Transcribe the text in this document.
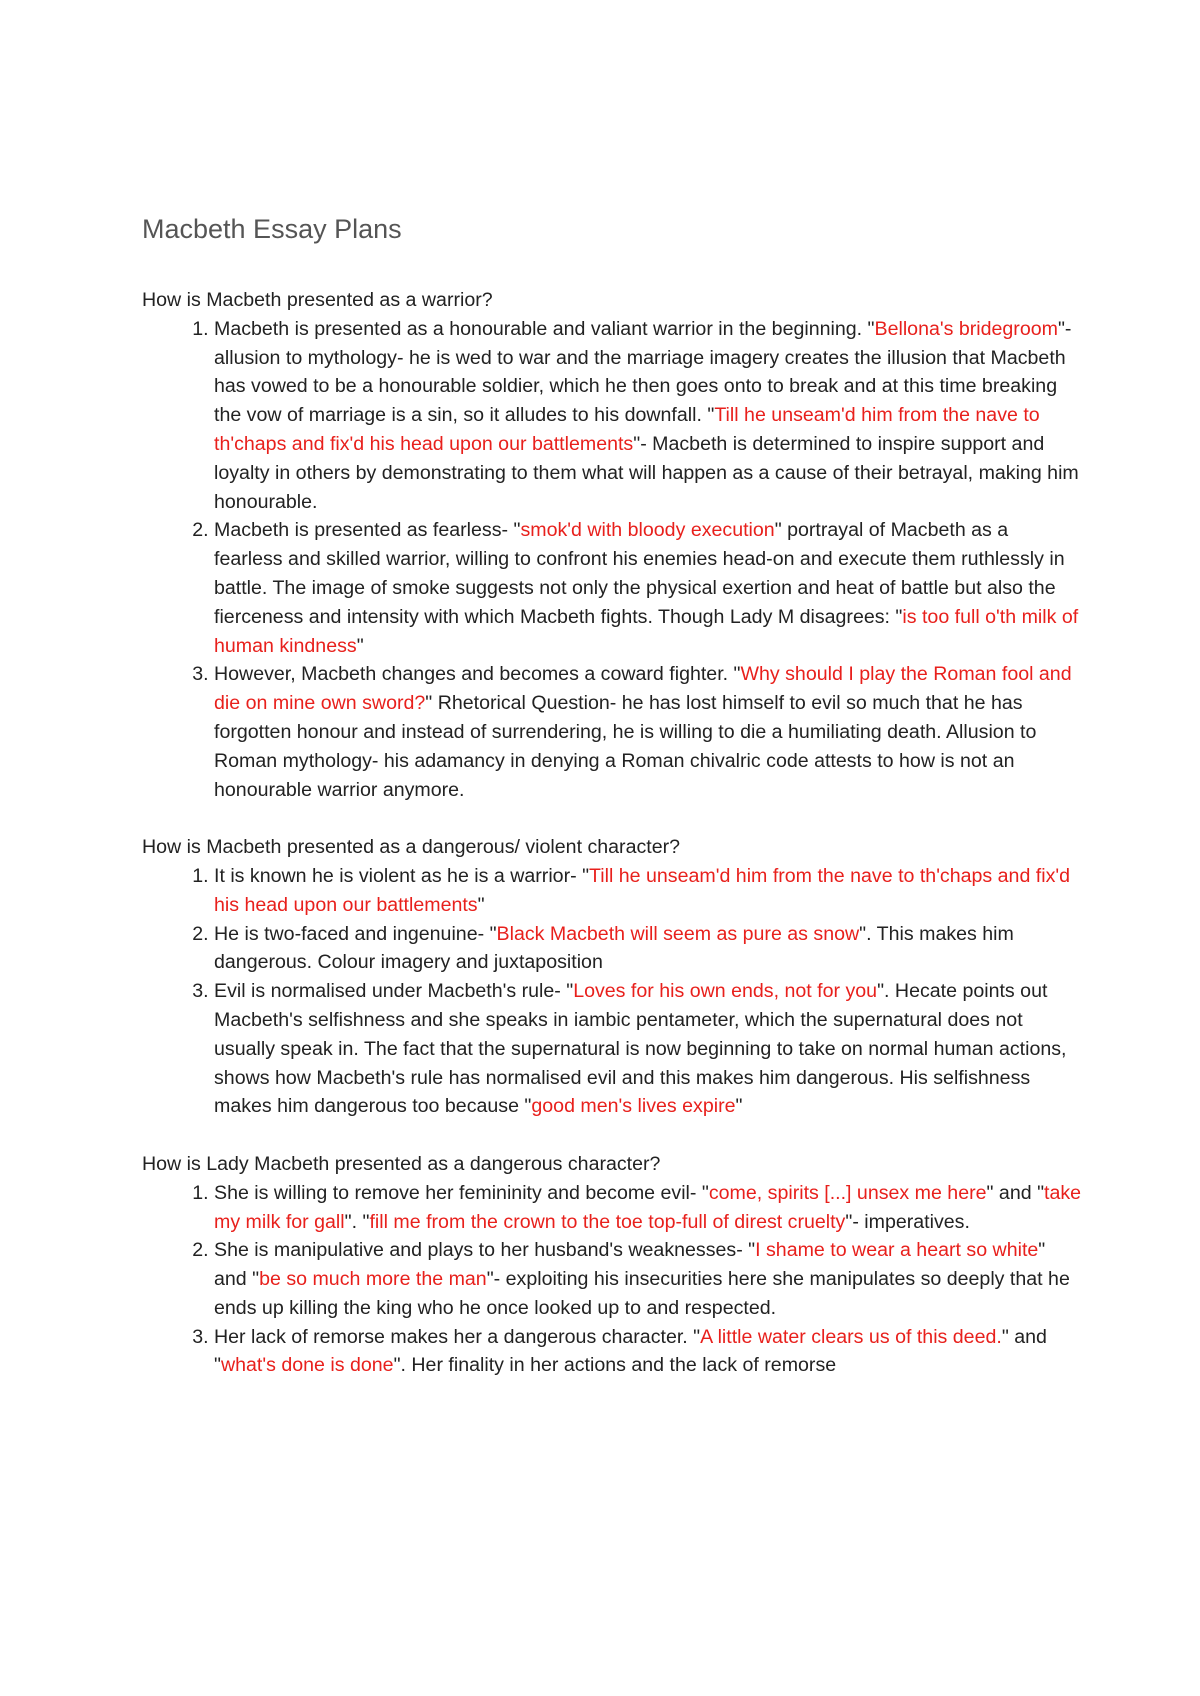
Macbeth Essay Plans

How is Macbeth presented as a warrior?

1. Macbeth is presented as a honourable and valiant warrior in the beginning. "Bellona's bridegroom"- allusion to mythology- he is wed to war and the marriage imagery creates the illusion that Macbeth has vowed to be a honourable soldier, which he then goes onto to break and at this time breaking the vow of marriage is a sin, so it alludes to his downfall. "Till he unseam'd him from the nave to th'chaps and fix'd his head upon our battlements"- Macbeth is determined to inspire support and loyalty in others by demonstrating to them what will happen as a cause of their betrayal, making him honourable.
2. Macbeth is presented as fearless- "smok'd with bloody execution" portrayal of Macbeth as a fearless and skilled warrior, willing to confront his enemies head-on and execute them ruthlessly in battle. The image of smoke suggests not only the physical exertion and heat of battle but also the fierceness and intensity with which Macbeth fights. Though Lady M disagrees: "is too full o'th milk of human kindness"
3. However, Macbeth changes and becomes a coward fighter. "Why should I play the Roman fool and die on mine own sword?" Rhetorical Question- he has lost himself to evil so much that he has forgotten honour and instead of surrendering, he is willing to die a humiliating death. Allusion to Roman mythology- his adamancy in denying a Roman chivalric code attests to how is not an honourable warrior anymore.

How is Macbeth presented as a dangerous/ violent character?

1. It is known he is violent as he is a warrior- "Till he unseam'd him from the nave to th'chaps and fix'd his head upon our battlements"
2. He is two-faced and ingenuine- "Black Macbeth will seem as pure as snow". This makes him dangerous. Colour imagery and juxtaposition
3. Evil is normalised under Macbeth's rule- "Loves for his own ends, not for you". Hecate points out Macbeth's selfishness and she speaks in iambic pentameter, which the supernatural does not usually speak in. The fact that the supernatural is now beginning to take on normal human actions, shows how Macbeth's rule has normalised evil and this makes him dangerous. His selfishness makes him dangerous too because "good men's lives expire"

How is Lady Macbeth presented as a dangerous character?

1. She is willing to remove her femininity and become evil- "come, spirits [...] unsex me here" and "take my milk for gall". "fill me from the crown to the toe top-full of direst cruelty"- imperatives.
2. She is manipulative and plays to her husband's weaknesses- "I shame to wear a heart so white" and "be so much more the man"- exploiting his insecurities here she manipulates so deeply that he ends up killing the king who he once looked up to and respected.
3. Her lack of remorse makes her a dangerous character. "A little water clears us of this deed." and "what's done is done". Her finality in her actions and the lack of remorse
